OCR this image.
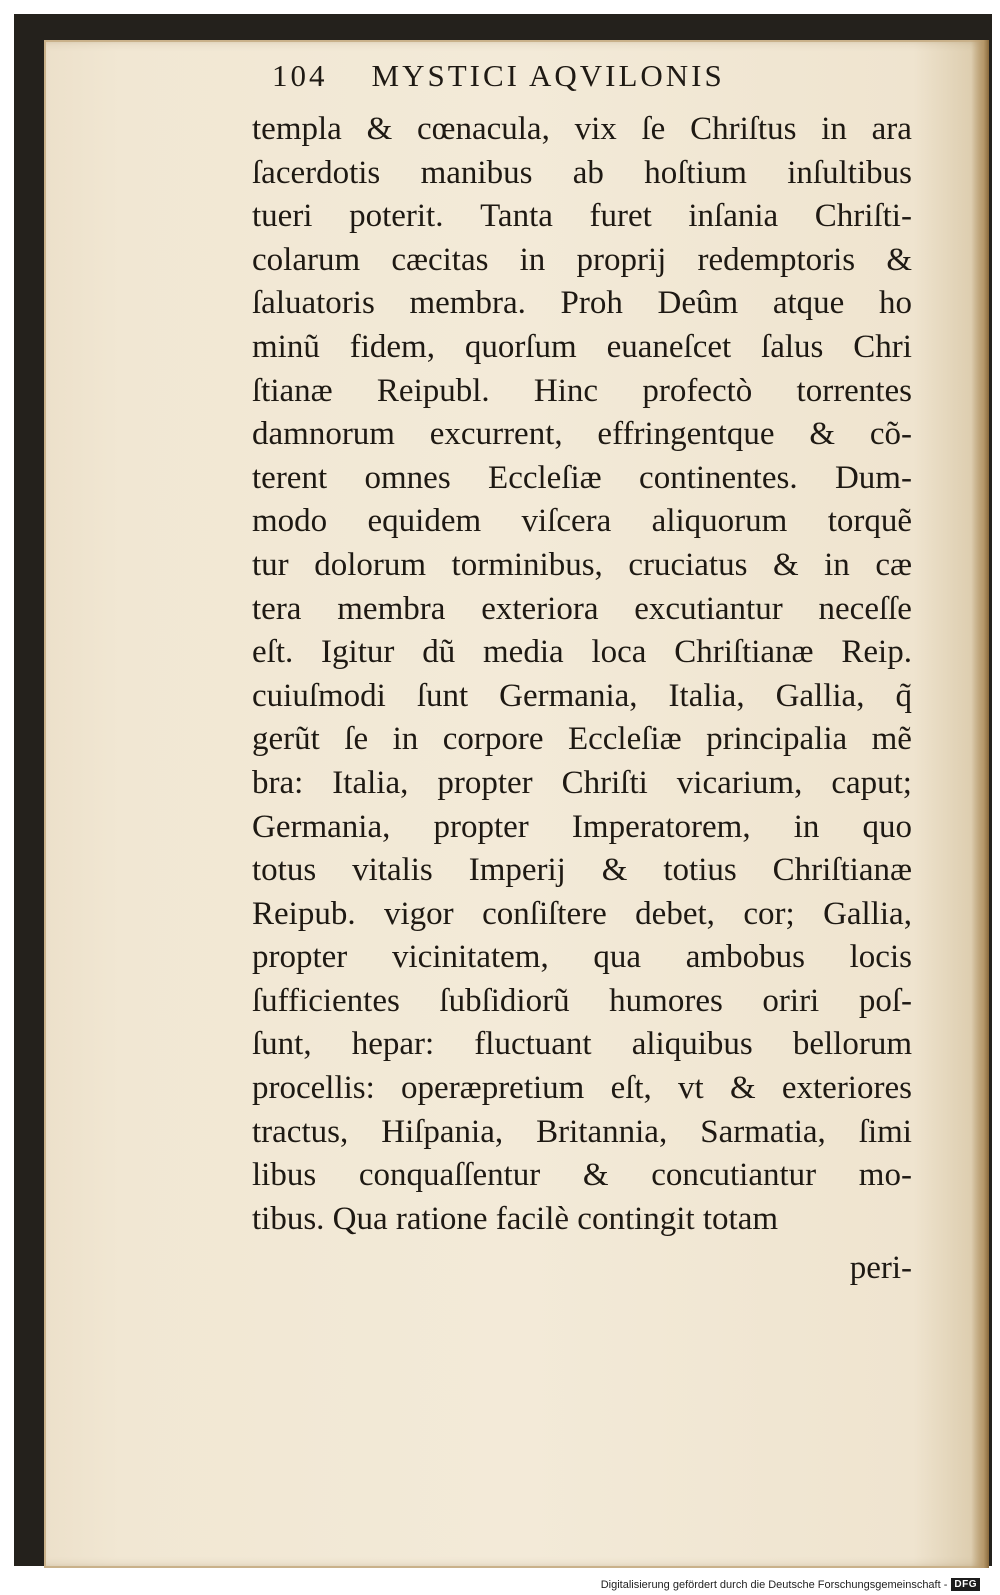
104 MYSTICI AQVILONIS
templa & cœnacula, vix ſe Chriſtus in ara
ſacerdotis manibus ab hoſtium inſultibus
tueri poterit. Tanta furet inſania Chriſti-
colarum cæcitas in proprij redemptoris &
ſaluatoris membra. Proh Deûm atque ho
minũ fidem, quorſum euaneſcet ſalus Chri
ſtianæ Reipubl. Hinc profectò torrentes
damnorum excurrent, effringentque & cõ-
terent omnes Eccleſiæ continentes. Dum-
modo equidem viſcera aliquorum torquẽ
tur dolorum torminibus, cruciatus & in cæ
tera membra exteriora excutiantur neceſſe
eſt. Igitur dũ media loca Chriſtianæ Reip.
cuiuſmodi ſunt Germania, Italia, Gallia, q̃
gerũt ſe in corpore Eccleſiæ principalia mẽ
bra: Italia, propter Chriſti vicarium, caput;
Germania, propter Imperatorem, in quo
totus vitalis Imperij & totius Chriſtianæ
Reipub. vigor conſiſtere debet, cor; Gallia,
propter vicinitatem, qua ambobus locis
ſufficientes ſubſidiorũ humores oriri poſ-
ſunt, hepar: fluctuant aliquibus bellorum
procellis: operæpretium eſt, vt & exteriores
tractus, Hiſpania, Britannia, Sarmatia, ſimi
libus conquaſſentur & concutiantur mo-
tibus. Qua ratione facilè contingit totam
peri-
Digitalisierung gefördert durch die Deutsche Forschungsgemeinschaft - DFG
